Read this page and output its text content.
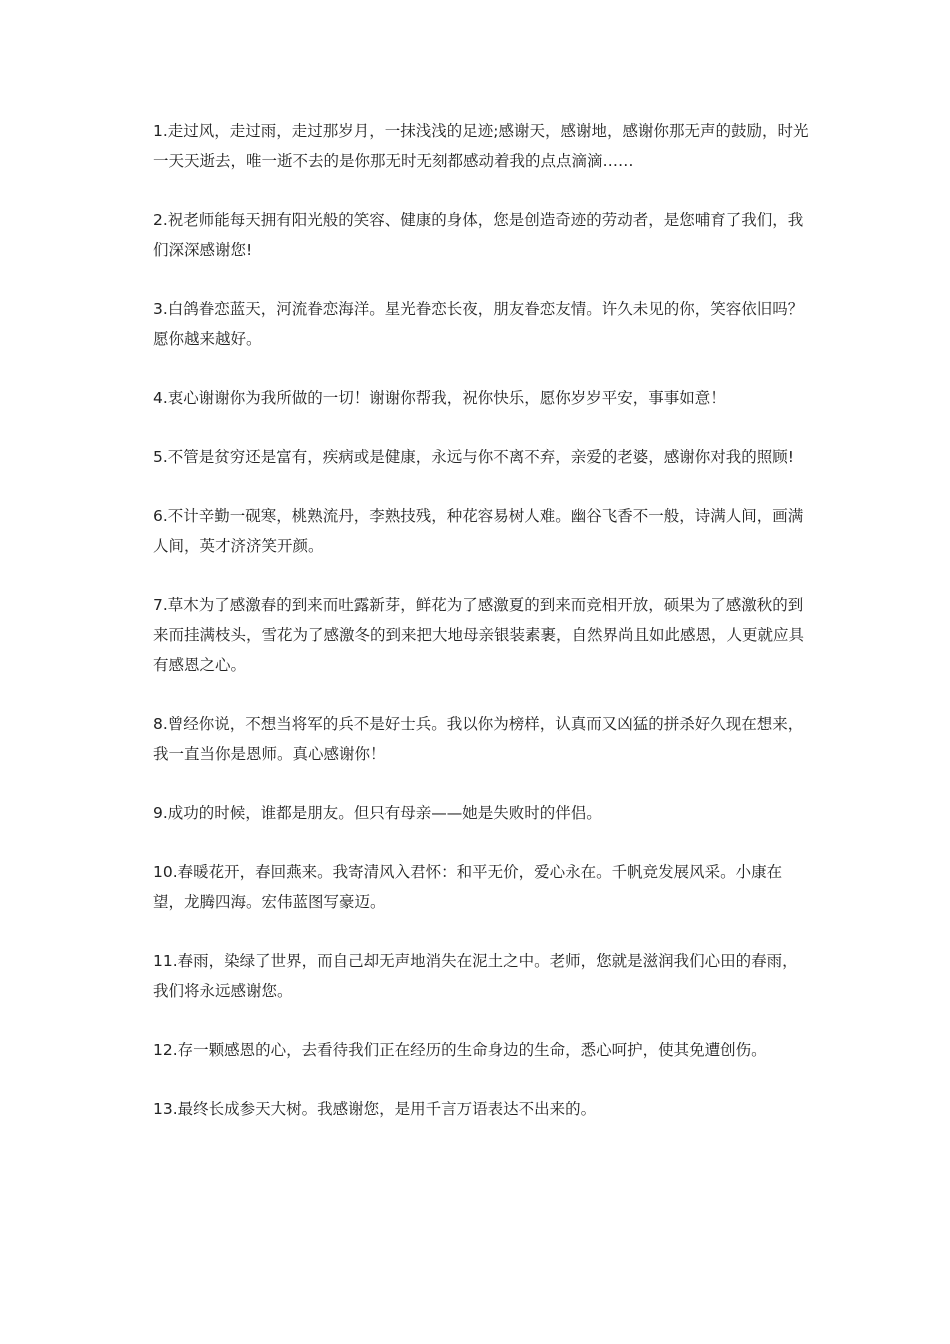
1.走过风，走过雨，走过那岁月，一抹浅浅的足迹;感谢天，感谢地，感谢你那无声的鼓励，时光一天天逝去，唯一逝不去的是你那无时无刻都感动着我的点点滴滴……

2.祝老师能每天拥有阳光般的笑容、健康的身体，您是创造奇迹的劳动者，是您哺育了我们，我们深深感谢您!

3.白鸽眷恋蓝天，河流眷恋海洋。星光眷恋长夜，朋友眷恋友情。许久未见的你，笑容依旧吗？愿你越来越好。

4.衷心谢谢你为我所做的一切！谢谢你帮我，祝你快乐，愿你岁岁平安，事事如意！

5.不管是贫穷还是富有，疾病或是健康，永远与你不离不弃，亲爱的老婆，感谢你对我的照顾!

6.不计辛勤一砚寒，桃熟流丹，李熟技残，种花容易树人难。幽谷飞香不一般，诗满人间，画满人间，英才济济笑开颜。

7.草木为了感激春的到来而吐露新芽，鲜花为了感激夏的到来而竞相开放，硕果为了感激秋的到来而挂满枝头，雪花为了感激冬的到来把大地母亲银装素裹，自然界尚且如此感恩，人更就应具有感恩之心。

8.曾经你说，不想当将军的兵不是好士兵。我以你为榜样，认真而又凶猛的拼杀好久现在想来，我一直当你是恩师。真心感谢你！

9.成功的时候，谁都是朋友。但只有母亲——她是失败时的伴侣。

10.春暖花开，春回燕来。我寄清风入君怀：和平无价，爱心永在。千帆竞发展风采。小康在望，龙腾四海。宏伟蓝图写豪迈。

11.春雨，染绿了世界，而自己却无声地消失在泥土之中。老师，您就是滋润我们心田的春雨，我们将永远感谢您。

12.存一颗感恩的心，去看待我们正在经历的生命身边的生命，悉心呵护，使其免遭创伤。

13.最终长成参天大树。我感谢您，是用千言万语表达不出来的。
